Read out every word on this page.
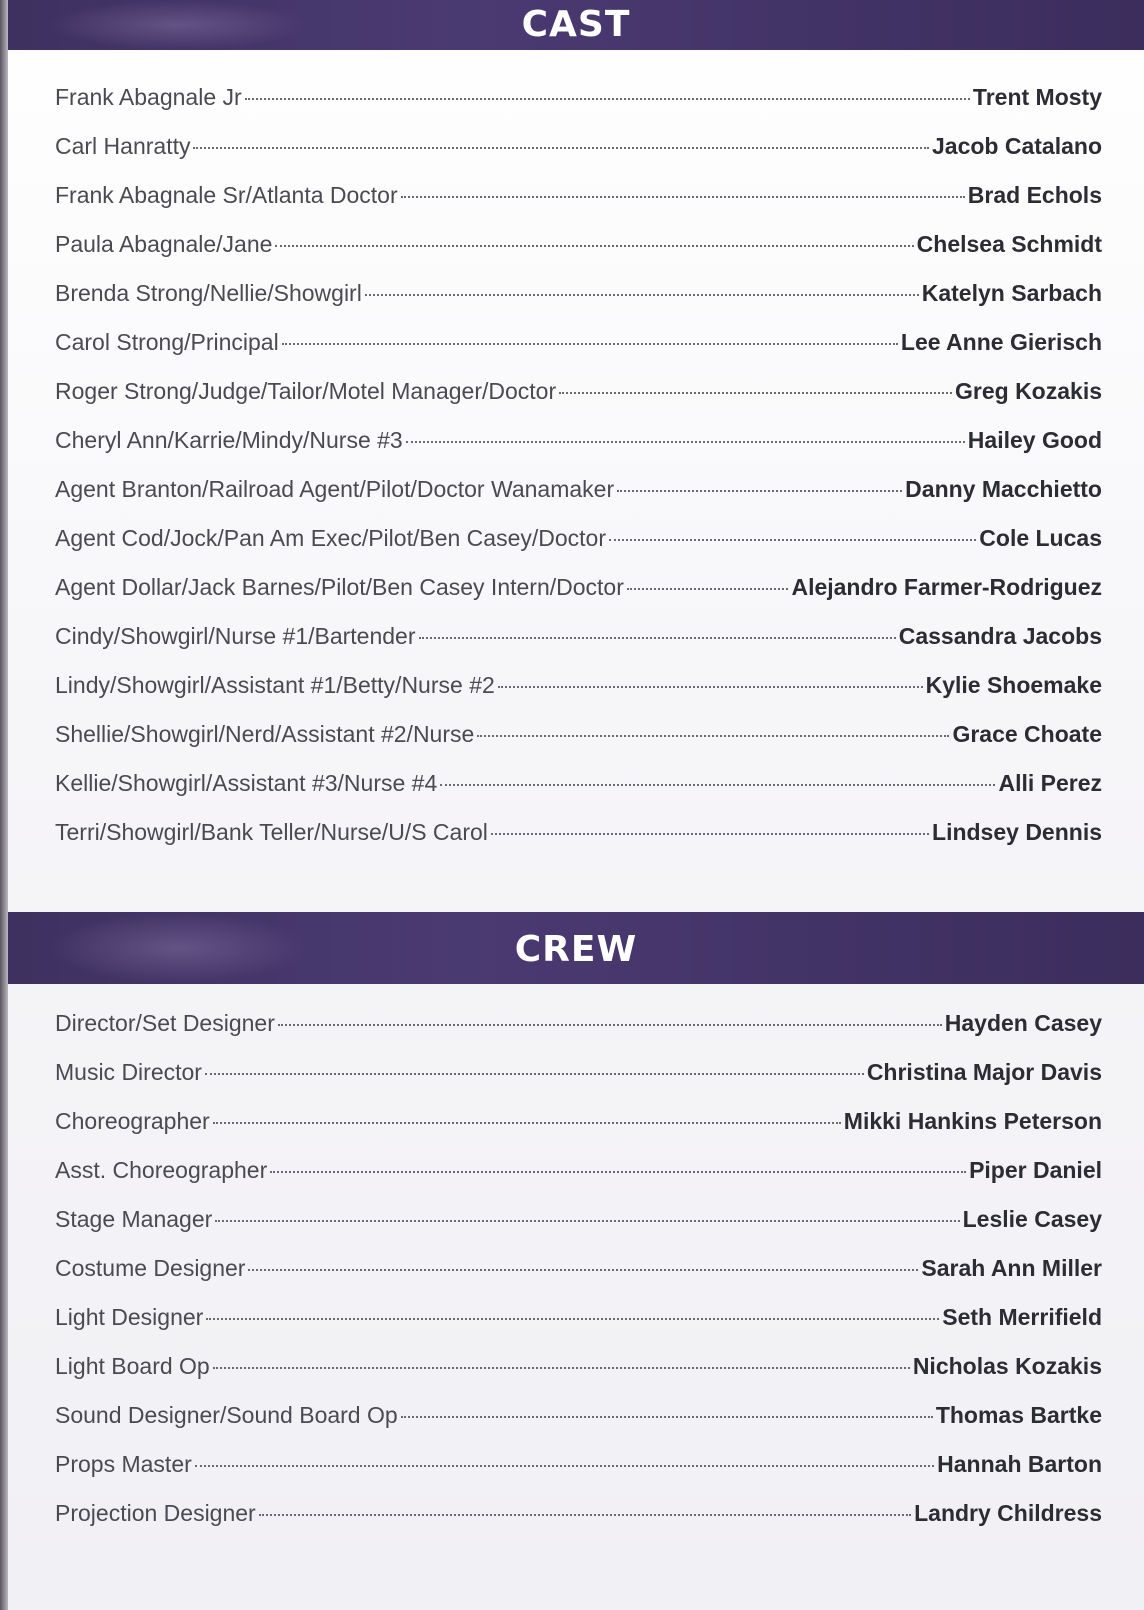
CAST
Frank Abagnale Jr	Trent Mosty
Carl Hanratty	Jacob Catalano
Frank Abagnale Sr/Atlanta Doctor	Brad Echols
Paula Abagnale/Jane	Chelsea Schmidt
Brenda Strong/Nellie/Showgirl	Katelyn Sarbach
Carol Strong/Principal	Lee Anne Gierisch
Roger Strong/Judge/Tailor/Motel Manager/Doctor	Greg Kozakis
Cheryl Ann/Karrie/Mindy/Nurse #3	Hailey Good
Agent Branton/Railroad Agent/Pilot/Doctor Wanamaker	Danny Macchietto
Agent Cod/Jock/Pan Am Exec/Pilot/Ben Casey/Doctor	Cole Lucas
Agent Dollar/Jack Barnes/Pilot/Ben Casey Intern/Doctor	Alejandro Farmer-Rodriguez
Cindy/Showgirl/Nurse #1/Bartender	Cassandra Jacobs
Lindy/Showgirl/Assistant #1/Betty/Nurse #2	Kylie Shoemake
Shellie/Showgirl/Nerd/Assistant #2/Nurse	Grace Choate
Kellie/Showgirl/Assistant #3/Nurse #4	Alli Perez
Terri/Showgirl/Bank Teller/Nurse/U/S Carol	Lindsey Dennis
CREW
Director/Set Designer	Hayden Casey
Music Director	Christina Major Davis
Choreographer	Mikki Hankins Peterson
Asst. Choreographer	Piper Daniel
Stage Manager	Leslie Casey
Costume Designer	Sarah Ann Miller
Light Designer	Seth Merrifield
Light Board Op	Nicholas Kozakis
Sound Designer/Sound Board Op	Thomas Bartke
Props Master	Hannah Barton
Projection Designer	Landry Childress
